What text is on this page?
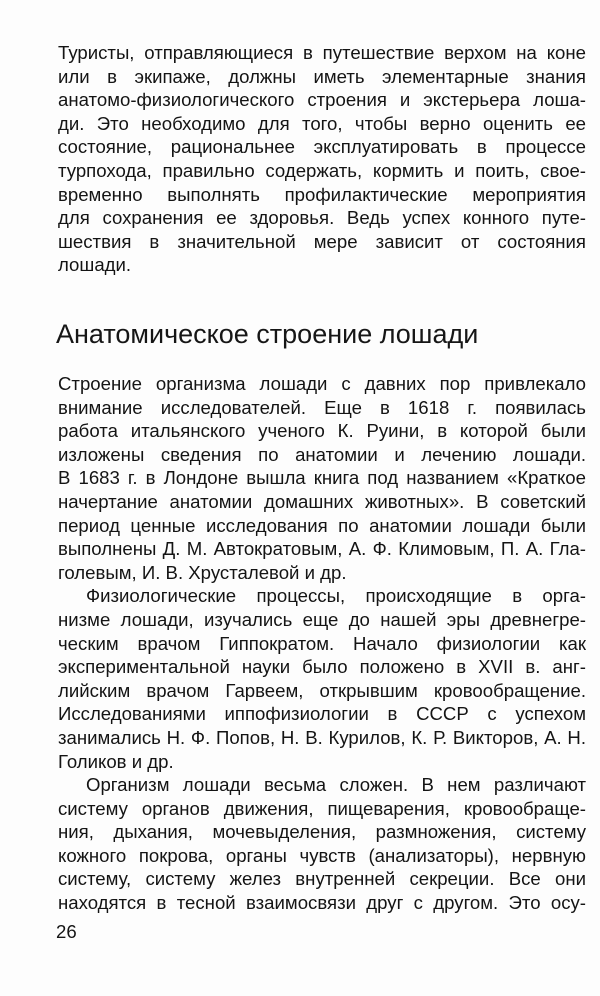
Туристы, отправляющиеся в путешествие верхом на коне
или в экипаже, должны иметь элементарные знания
анатомо-физиологического строения и экстерьера лоша-
ди. Это необходимо для того, чтобы верно оценить ее
состояние, рациональнее эксплуатировать в процессе
турпохода, правильно содержать, кормить и поить, свое-
временно выполнять профилактические мероприятия
для сохранения ее здоровья. Ведь успех конного путе-
шествия в значительной мере зависит от состояния
лошади.
Анатомическое строение лошади
Строение организма лошади с давних пор привлекало
внимание исследователей. Еще в 1618 г. появилась
работа итальянского ученого К. Руини, в которой были
изложены сведения по анатомии и лечению лошади.
В 1683 г. в Лондоне вышла книга под названием «Краткое
начертание анатомии домашних животных». В советский
период ценные исследования по анатомии лошади были
выполнены Д. М. Автократовым, А. Ф. Климовым, П. А. Гла-
голевым, И. В. Хрусталевой и др.
Физиологические процессы, происходящие в орга-
низме лошади, изучались еще до нашей эры древнегре-
ческим врачом Гиппократом. Начало физиологии как
экспериментальной науки было положено в XVII в. анг-
лийским врачом Гарвеем, открывшим кровообращение.
Исследованиями иппофизиологии в СССР с успехом
занимались Н. Ф. Попов, Н. В. Курилов, К. Р. Викторов, А. Н.
Голиков и др.
Организм лошади весьма сложен. В нем различают
систему органов движения, пищеварения, кровообраще-
ния, дыхания, мочевыделения, размножения, систему
кожного покрова, органы чувств (анализаторы), нервную
систему, систему желез внутренней секреции. Все они
находятся в тесной взаимосвязи друг с другом. Это осу-
26
